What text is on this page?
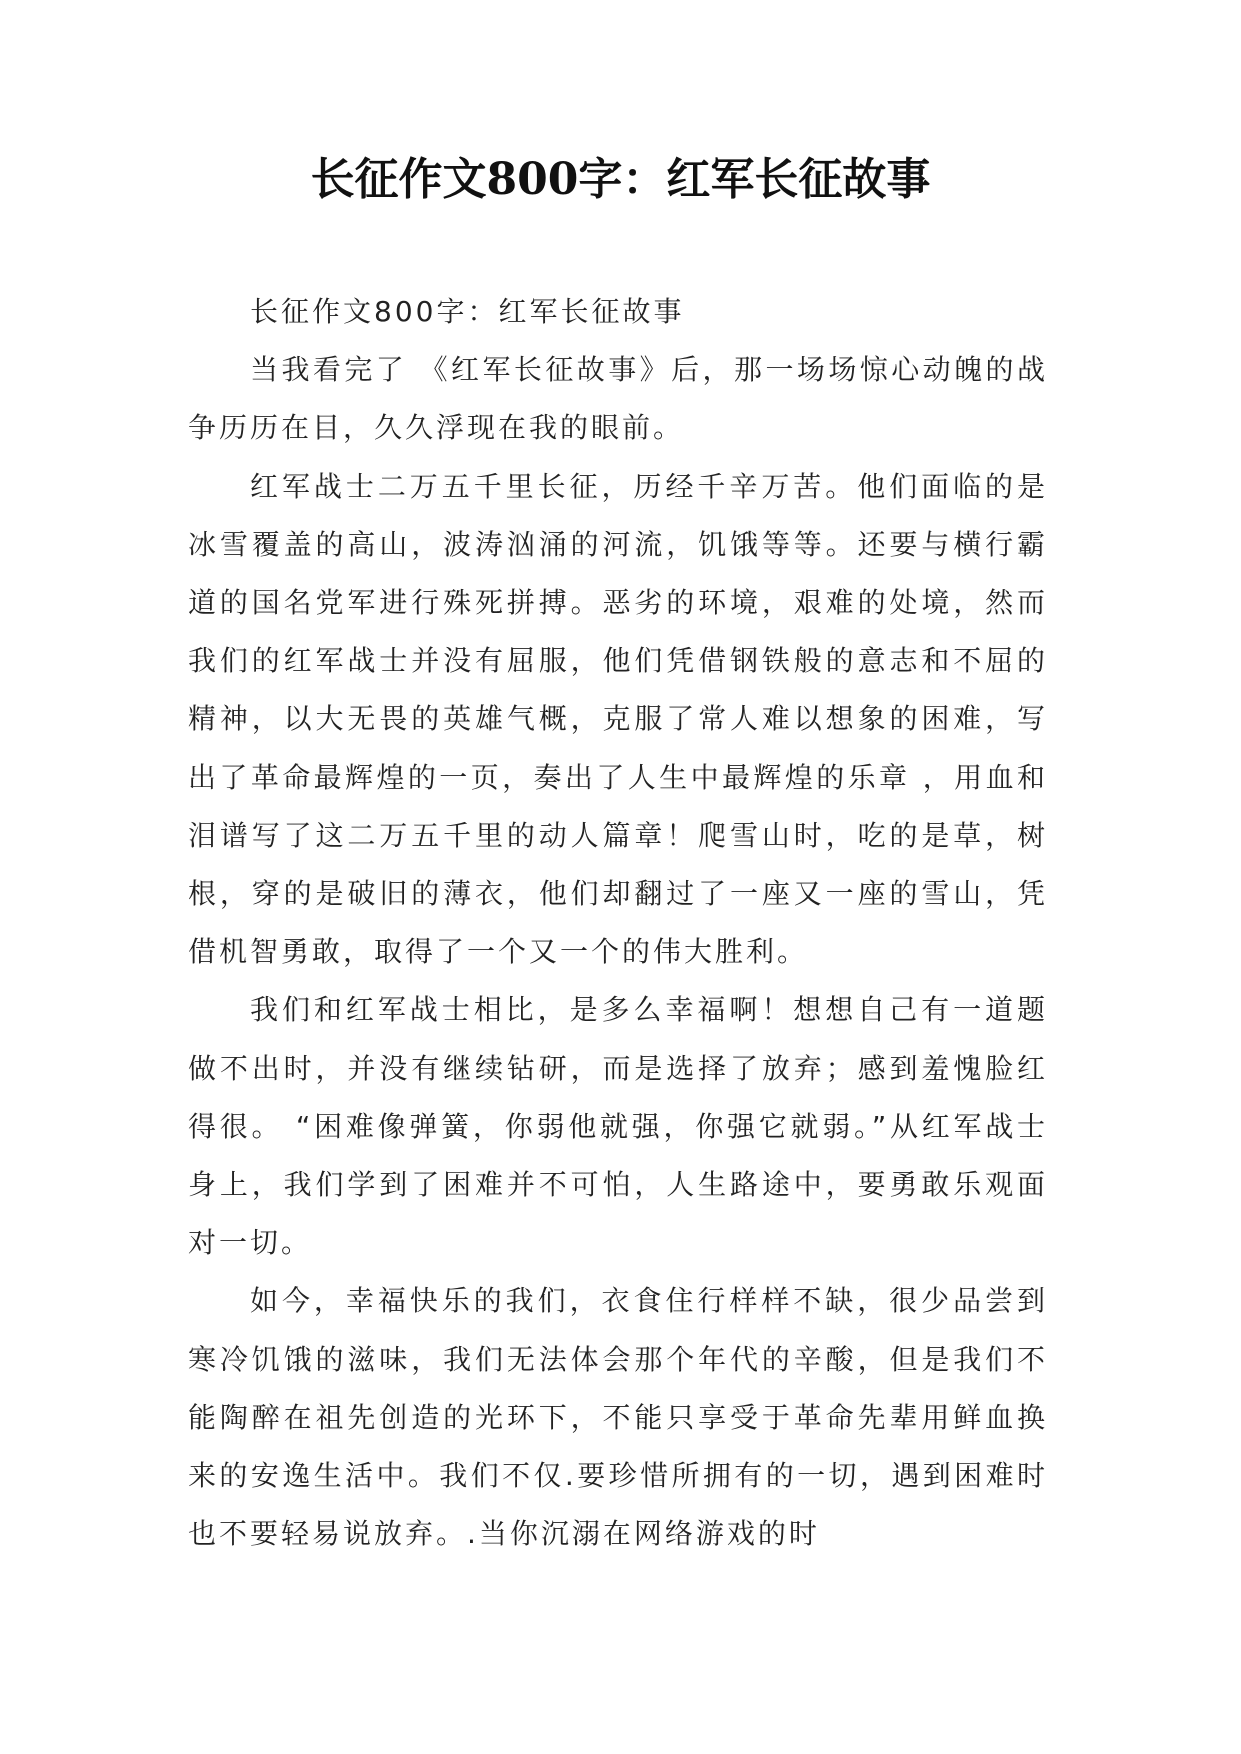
长征作文800字：红军长征故事

长征作文800字：红军长征故事

当我看完了 《红军长征故事》后，那一场场惊心动魄的战争历历在目，久久浮现在我的眼前。

红军战士二万五千里长征，历经千辛万苦。他们面临的是冰雪覆盖的高山，波涛汹涌的河流，饥饿等等。还要与横行霸道的国名党军进行殊死拼搏。恶劣的环境，艰难的处境，然而我们的红军战士并没有屈服，他们凭借钢铁般的意志和不屈的精神，以大无畏的英雄气概，克服了常人难以想象的困难，写出了革命最辉煌的一页，奏出了人生中最辉煌的乐章 ，用血和泪谱写了这二万五千里的动人篇章！爬雪山时，吃的是草，树根，穿的是破旧的薄衣，他们却翻过了一座又一座的雪山，凭借机智勇敢，取得了一个又一个的伟大胜利。

我们和红军战士相比，是多么幸福啊！想想自己有一道题做不出时，并没有继续钻研，而是选择了放弃；感到羞愧脸红得很。 “困难像弹簧，你弱他就强，你强它就弱。”从红军战士身上，我们学到了困难并不可怕，人生路途中，要勇敢乐观面对一切。

如今，幸福快乐的我们，衣食住行样样不缺，很少品尝到寒冷饥饿的滋味，我们无法体会那个年代的辛酸，但是我们不能陶醉在祖先创造的光环下，不能只享受于革命先辈用鲜血换来的安逸生活中。我们不仅.要珍惜所拥有的一切，遇到困难时也不要轻易说放弃。.当你沉溺在网络游戏的时
